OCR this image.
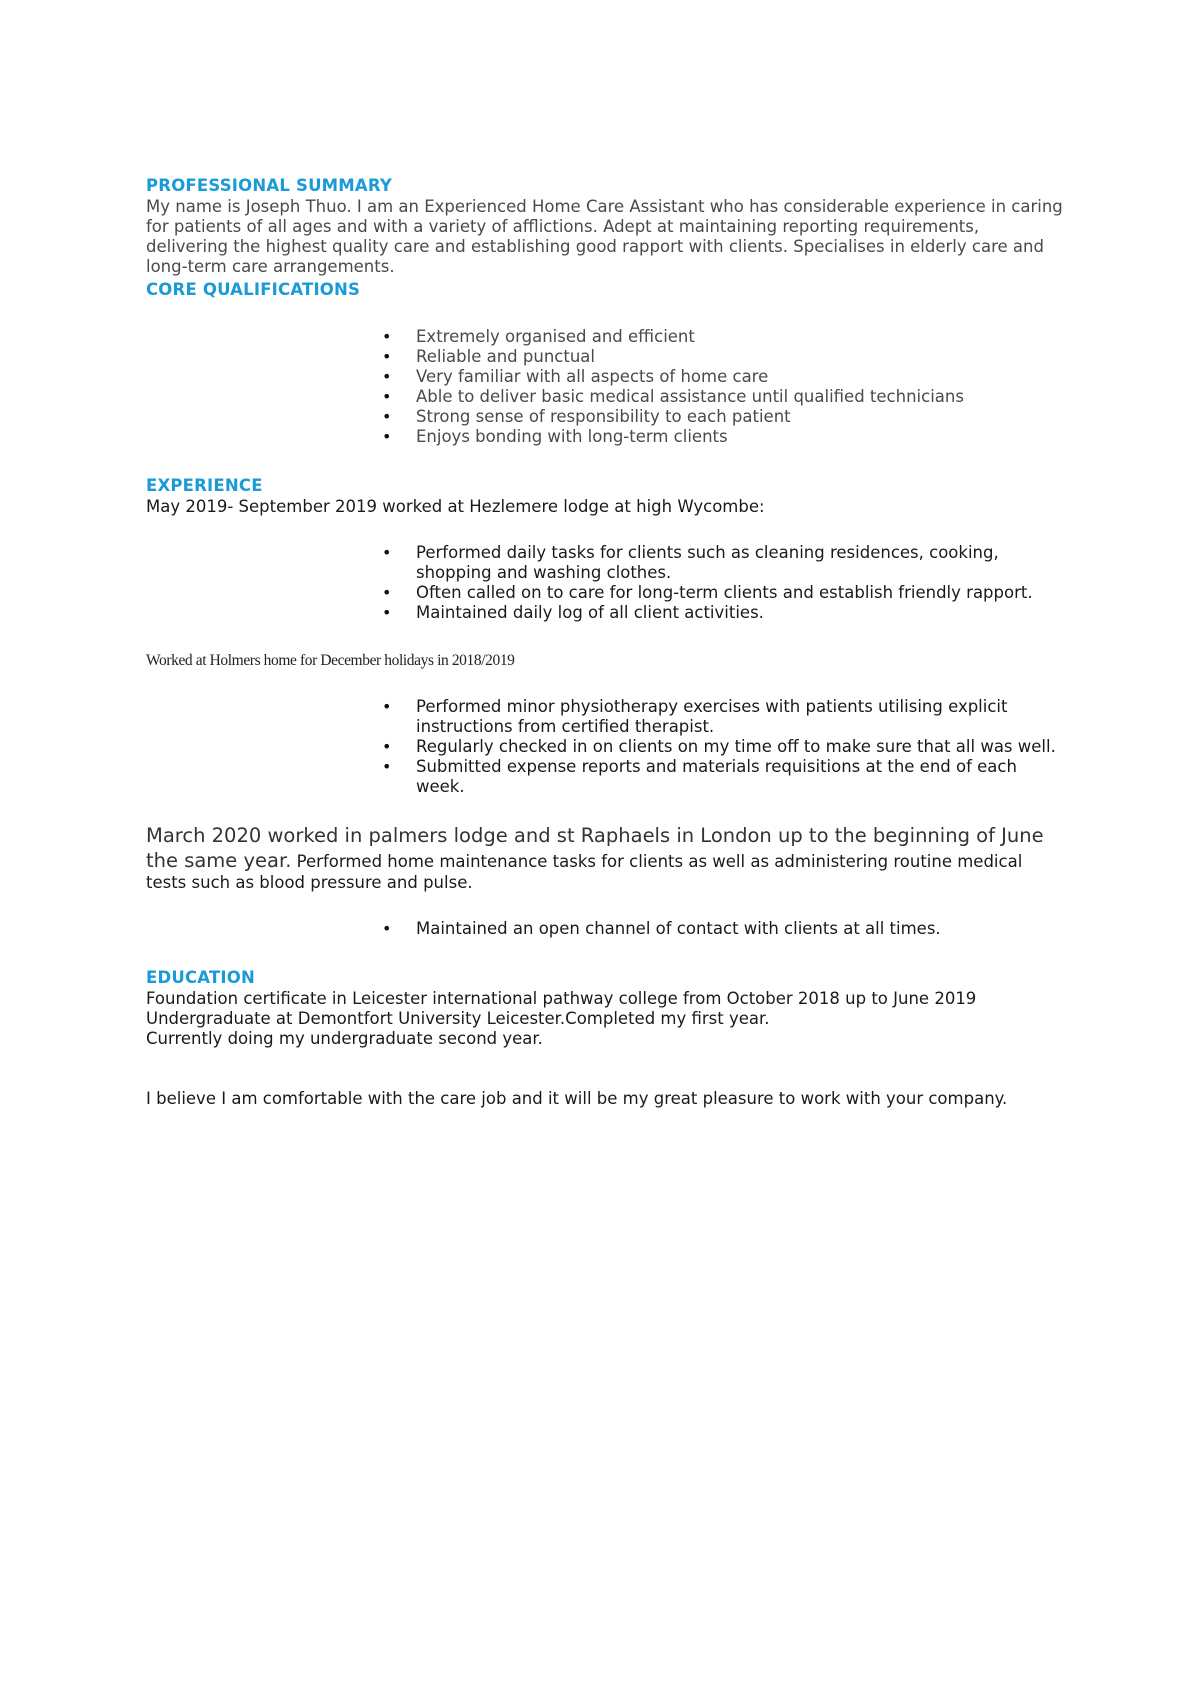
PROFESSIONAL SUMMARY

My name is Joseph Thuo. I am an Experienced Home Care Assistant who has considerable experience in caring for patients of all ages and with a variety of afflictions. Adept at maintaining reporting requirements, delivering the highest quality care and establishing good rapport with clients. Specialises in elderly care and long-term care arrangements.

CORE QUALIFICATIONS
• Extremely organised and efficient
• Reliable and punctual
• Very familiar with all aspects of home care
• Able to deliver basic medical assistance until qualified technicians
• Strong sense of responsibility to each patient
• Enjoys bonding with long-term clients
EXPERIENCE

May 2019- September 2019 worked at Hezlemere lodge at high Wycombe:

• Performed daily tasks for clients such as cleaning residences, cooking, shopping and washing clothes.
• Often called on to care for long-term clients and establish friendly rapport.
• Maintained daily log of all client activities.

Worked at Holmers home for December holidays in 2018/2019

• Performed minor physiotherapy exercises with patients utilising explicit instructions from certified therapist.
• Regularly checked in on clients on my time off to make sure that all was well.
• Submitted expense reports and materials requisitions at the end of each week.

March 2020 worked in palmers lodge and st Raphaels in London up to the beginning of June the same year. Performed home maintenance tasks for clients as well as administering routine medical tests such as blood pressure and pulse.

• Maintained an open channel of contact with clients at all times.
EDUCATION

Foundation certificate in Leicester international pathway college from October 2018 up to June 2019

Undergraduate at Demontfort University Leicester.Completed my first year.

Currently doing my undergraduate second year.

I believe I am comfortable with the care job and it will be my great pleasure to work with your company.
